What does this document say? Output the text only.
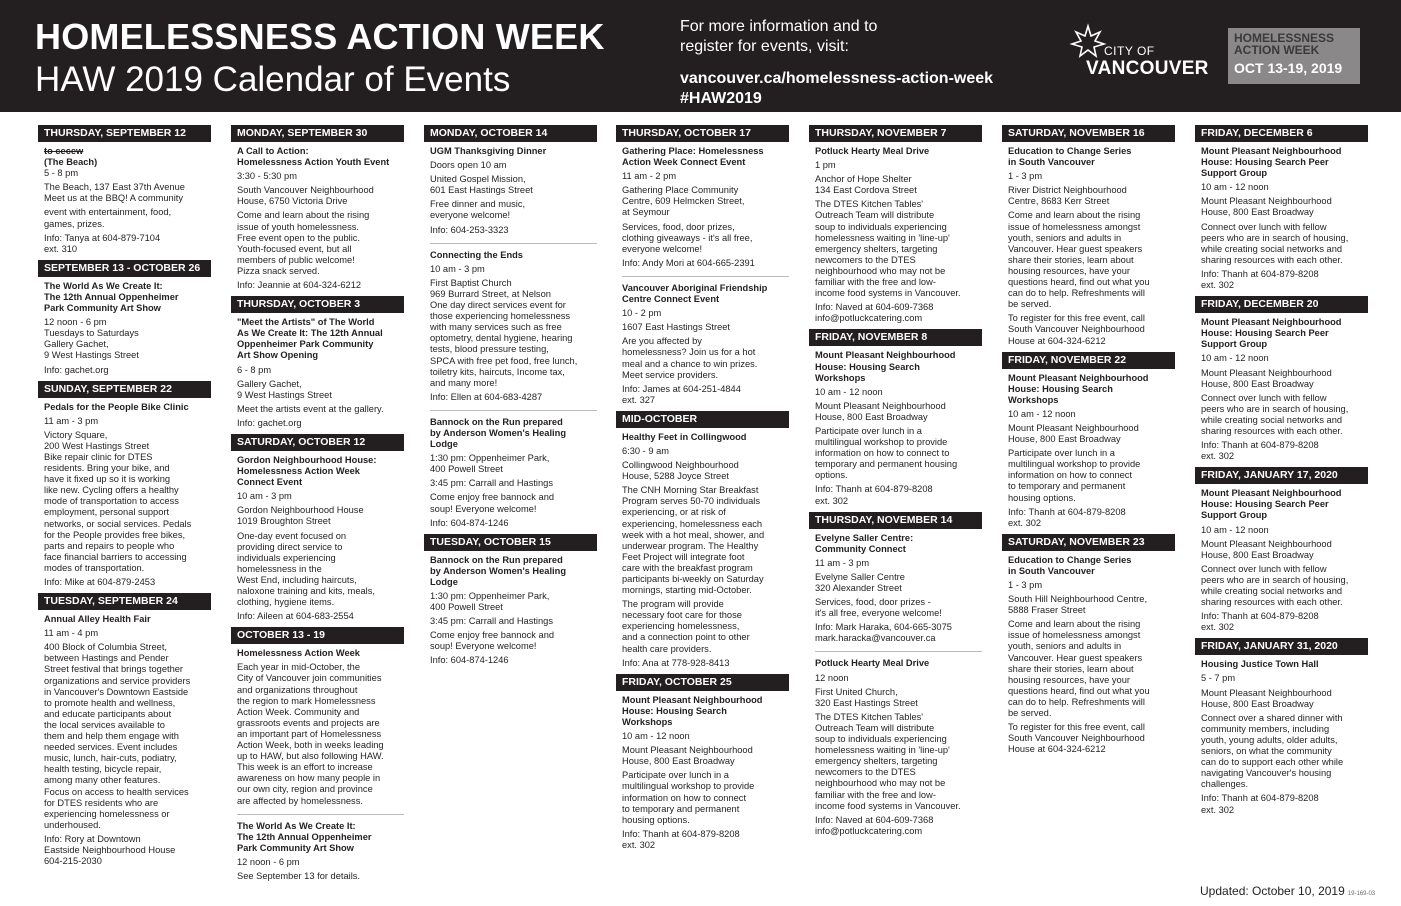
HOMELESSNESS ACTION WEEK
HAW 2019 Calendar of Events
For more information and to
register for events, visit:
vancouver.ca/homelessness-action-week
#HAW2019
CITY OF
VANCOUVER
HOMELESSNESS
ACTION WEEK
OCT 13-19, 2019
THURSDAY, SEPTEMBER 12
to cecew
(The Beach)
5 - 8 pm
The Beach, 137 East 37th Avenue
Meet us at the BBQ! A community
event with entertainment, food,
games, prizes.
Info: Tanya at 604-879-7104
ext. 310
SEPTEMBER 13 - OCTOBER 26
The World As We Create It:
The 12th Annual Oppenheimer
Park Community Art Show
12 noon - 6 pm
Tuesdays to Saturdays
Gallery Gachet,
9 West Hastings Street
Info: gachet.org
SUNDAY, SEPTEMBER 22
Pedals for the People Bike Clinic
11 am - 3 pm
Victory Square,
200 West Hastings Street
Bike repair clinic for DTES
residents. Bring your bike, and
have it fixed up so it is working
like new. Cycling offers a healthy
mode of transportation to access
employment, personal support
networks, or social services. Pedals
for the People provides free bikes,
parts and repairs to people who
face financial barriers to accessing
modes of transportation.
Info: Mike at 604-879-2453
TUESDAY, SEPTEMBER 24
Annual Alley Health Fair
11 am - 4 pm
400 Block of Columbia Street,
between Hastings and Pender
Street festival that brings together
organizations and service providers
in Vancouver's Downtown Eastside
to promote health and wellness,
and educate participants about
the local services available to
them and help them engage with
needed services. Event includes
music, lunch, hair-cuts, podiatry,
health testing, bicycle repair,
among many other features.
Focus on access to health services
for DTES residents who are
experiencing homelessness or
underhoused.
Info: Rory at Downtown
Eastside Neighbourhood House
604-215-2030
MONDAY, SEPTEMBER 30
A Call to Action:
Homelessness Action Youth Event
3:30 - 5:30 pm
South Vancouver Neighbourhood
House, 6750 Victoria Drive
Come and learn about the rising
issue of youth homelessness.
Free event open to the public.
Youth-focused event, but all
members of public welcome!
Pizza snack served.
Info: Jeannie at 604-324-6212
THURSDAY, OCTOBER 3
"Meet the Artists" of The World
As We Create It: The 12th Annual
Oppenheimer Park Community
Art Show Opening
6 - 8 pm
Gallery Gachet,
9 West Hastings Street
Meet the artists event at the gallery.
Info: gachet.org
SATURDAY, OCTOBER 12
Gordon Neighbourhood House:
Homelessness Action Week
Connect Event
10 am - 3 pm
Gordon Neighbourhood House
1019 Broughton Street
One-day event focused on
providing direct service to
individuals experiencing
homelessness in the
West End, including haircuts,
naloxone training and kits, meals,
clothing, hygiene items.
Info: Aileen at 604-683-2554
OCTOBER 13 - 19
Homelessness Action Week
Each year in mid-October, the
City of Vancouver join communities
and organizations throughout
the region to mark Homelessness
Action Week. Community and
grassroots events and projects are
an important part of Homelessness
Action Week, both in weeks leading
up to HAW, but also following HAW.
This week is an effort to increase
awareness on how many people in
our own city, region and province
are affected by homelessness.
The World As We Create It:
The 12th Annual Oppenheimer
Park Community Art Show
12 noon - 6 pm
See September 13 for details.
MONDAY, OCTOBER 14
UGM Thanksgiving Dinner
Doors open 10 am
United Gospel Mission,
601 East Hastings Street
Free dinner and music,
everyone welcome!
Info: 604-253-3323
Connecting the Ends
10 am - 3 pm
First Baptist Church
969 Burrard Street, at Nelson
One day direct services event for
those experiencing homelessness
with many services such as free
optometry, dental hygiene, hearing
tests, blood pressure testing,
SPCA with free pet food, free lunch,
toiletry kits, haircuts, Income tax,
and many more!
Info: Ellen at 604-683-4287
Bannock on the Run prepared
by Anderson Women's Healing
Lodge
1:30 pm: Oppenheimer Park,
400 Powell Street
3:45 pm: Carrall and Hastings
Come enjoy free bannock and
soup! Everyone welcome!
Info: 604-874-1246
TUESDAY, OCTOBER 15
Bannock on the Run prepared
by Anderson Women's Healing
Lodge
1:30 pm: Oppenheimer Park,
400 Powell Street
3:45 pm: Carrall and Hastings
Come enjoy free bannock and
soup! Everyone welcome!
Info: 604-874-1246
THURSDAY, OCTOBER 17
Gathering Place: Homelessness
Action Week Connect Event
11 am - 2 pm
Gathering Place Community
Centre, 609 Helmcken Street,
at Seymour
Services, food, door prizes,
clothing giveaways - it's all free,
everyone welcome!
Info: Andy Mori at 604-665-2391
Vancouver Aboriginal Friendship
Centre Connect Event
10 - 2 pm
1607 East Hastings Street
Are you affected by
homelessness? Join us for a hot
meal and a chance to win prizes.
Meet service providers.
Info: James at 604-251-4844
ext. 327
MID-OCTOBER
Healthy Feet in Collingwood
6:30 - 9 am
Collingwood Neighbourhood
House, 5288 Joyce Street
The CNH Morning Star Breakfast
Program serves 50-70 individuals
experiencing, or at risk of
experiencing, homelessness each
week with a hot meal, shower, and
underwear program. The Healthy
Feet Project will integrate foot
care with the breakfast program
participants bi-weekly on Saturday
mornings, starting mid-October.
The program will provide
necessary foot care for those
experiencing homelessness,
and a connection point to other
health care providers.
Info: Ana at 778-928-8413
FRIDAY, OCTOBER 25
Mount Pleasant Neighbourhood
House: Housing Search
Workshops
10 am - 12 noon
Mount Pleasant Neighbourhood
House, 800 East Broadway
Participate over lunch in a
multilingual workshop to provide
information on how to connect
to temporary and permanent
housing options.
Info: Thanh at 604-879-8208
ext. 302
THURSDAY, NOVEMBER 7
Potluck Hearty Meal Drive
1 pm
Anchor of Hope Shelter
134 East Cordova Street
The DTES Kitchen Tables'
Outreach Team will distribute
soup to individuals experiencing
homelessness waiting in 'line-up'
emergency shelters, targeting
newcomers to the DTES
neighbourhood who may not be
familiar with the free and low-
income food systems in Vancouver.
Info: Naved at 604-609-7368
info@potluckcatering.com
FRIDAY, NOVEMBER 8
Mount Pleasant Neighbourhood
House: Housing Search
Workshops
10 am - 12 noon
Mount Pleasant Neighbourhood
House, 800 East Broadway
Participate over lunch in a
multilingual workshop to provide
information on how to connect to
temporary and permanent housing
options.
Info: Thanh at 604-879-8208
ext. 302
THURSDAY, NOVEMBER 14
Evelyne Saller Centre:
Community Connect
11 am - 3 pm
Evelyne Saller Centre
320 Alexander Street
Services, food, door prizes -
it's all free, everyone welcome!
Info: Mark Haraka, 604-665-3075
mark.haracka@vancouver.ca
Potluck Hearty Meal Drive
12 noon
First United Church,
320 East Hastings Street
The DTES Kitchen Tables'
Outreach Team will distribute
soup to individuals experiencing
homelessness waiting in 'line-up'
emergency shelters, targeting
newcomers to the DTES
neighbourhood who may not be
familiar with the free and low-
income food systems in Vancouver.
Info: Naved at 604-609-7368
info@potluckcatering.com
SATURDAY, NOVEMBER 16
Education to Change Series
in South Vancouver
1 - 3 pm
River District Neighbourhood
Centre, 8683 Kerr Street
Come and learn about the rising
issue of homelessness amongst
youth, seniors and adults in
Vancouver. Hear guest speakers
share their stories, learn about
housing resources, have your
questions heard, find out what you
can do to help. Refreshments will
be served.
To register for this free event, call
South Vancouver Neighbourhood
House at 604-324-6212
FRIDAY, NOVEMBER 22
Mount Pleasant Neighbourhood
House: Housing Search
Workshops
10 am - 12 noon
Mount Pleasant Neighbourhood
House, 800 East Broadway
Participate over lunch in a
multilingual workshop to provide
information on how to connect
to temporary and permanent
housing options.
Info: Thanh at 604-879-8208
ext. 302
SATURDAY, NOVEMBER 23
Education to Change Series
in South Vancouver
1 - 3 pm
South Hill Neighbourhood Centre,
5888 Fraser Street
Come and learn about the rising
issue of homelessness amongst
youth, seniors and adults in
Vancouver. Hear guest speakers
share their stories, learn about
housing resources, have your
questions heard, find out what you
can do to help. Refreshments will
be served.
To register for this free event, call
South Vancouver Neighbourhood
House at 604-324-6212
FRIDAY, DECEMBER 6
Mount Pleasant Neighbourhood
House: Housing Search Peer
Support Group
10 am - 12 noon
Mount Pleasant Neighbourhood
House, 800 East Broadway
Connect over lunch with fellow
peers who are in search of housing,
while creating social networks and
sharing resources with each other.
Info: Thanh at 604-879-8208
ext. 302
FRIDAY, DECEMBER 20
Mount Pleasant Neighbourhood
House: Housing Search Peer
Support Group
10 am - 12 noon
Mount Pleasant Neighbourhood
House, 800 East Broadway
Connect over lunch with fellow
peers who are in search of housing,
while creating social networks and
sharing resources with each other.
Info: Thanh at 604-879-8208
ext. 302
FRIDAY, JANUARY 17, 2020
Mount Pleasant Neighbourhood
House: Housing Search Peer
Support Group
10 am - 12 noon
Mount Pleasant Neighbourhood
House, 800 East Broadway
Connect over lunch with fellow
peers who are in search of housing,
while creating social networks and
sharing resources with each other.
Info: Thanh at 604-879-8208
ext. 302
FRIDAY, JANUARY 31, 2020
Housing Justice Town Hall
5 - 7 pm
Mount Pleasant Neighbourhood
House, 800 East Broadway
Connect over a shared dinner with
community members, including
youth, young adults, older adults,
seniors, on what the community
can do to support each other while
navigating Vancouver's housing
challenges.
Info: Thanh at 604-879-8208
ext. 302
Updated: October 10, 2019 19-169-03
